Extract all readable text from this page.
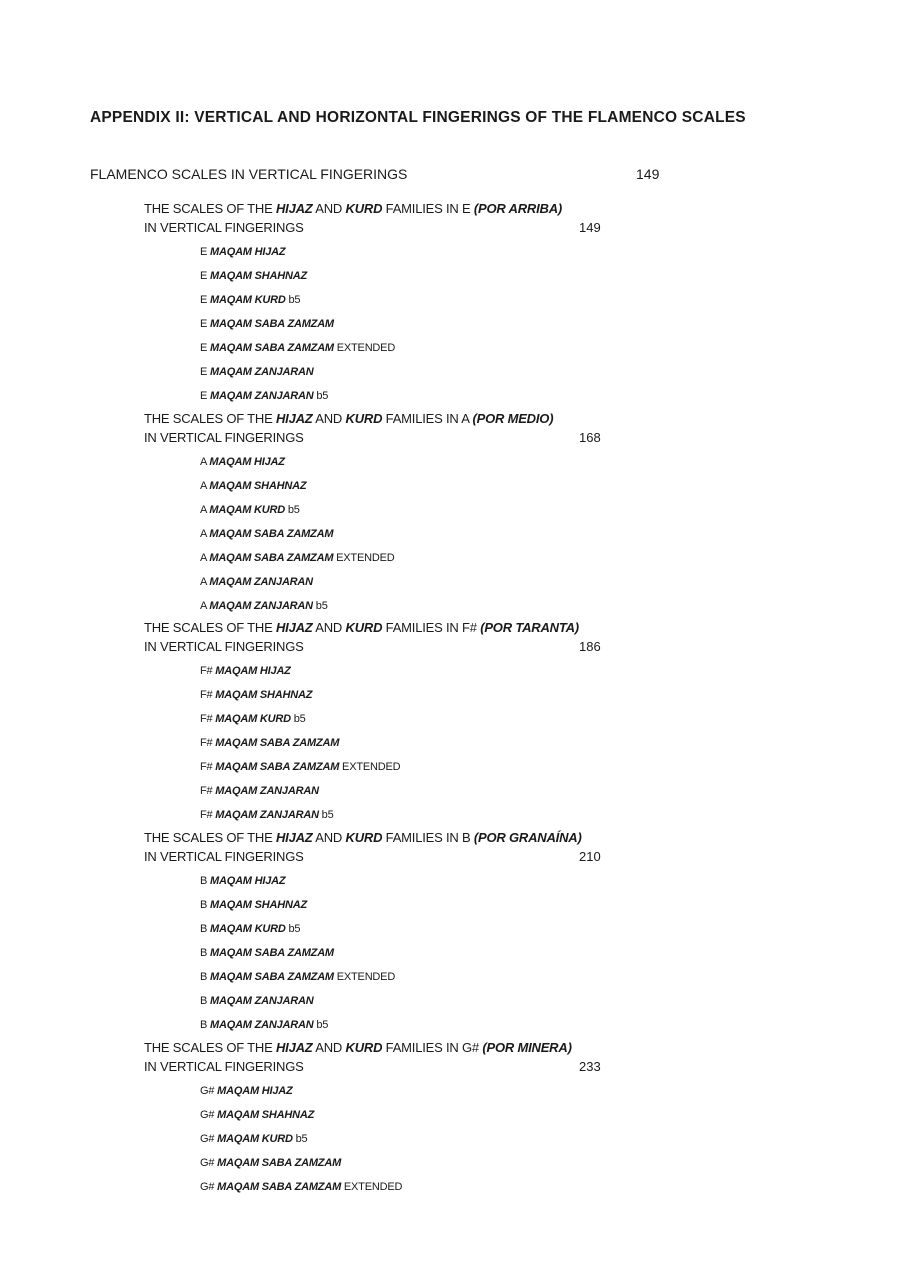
APPENDIX II: VERTICAL AND HORIZONTAL FINGERINGS OF THE FLAMENCO SCALES
FLAMENCO SCALES IN VERTICAL FINGERINGS	149
THE SCALES OF THE HIJAZ AND KURD FAMILIES IN E (POR ARRIBA)
IN VERTICAL FINGERINGS	149
E MAQAM HIJAZ
E MAQAM SHAHNAZ
E MAQAM KURD b5
E MAQAM SABA ZAMZAM
E MAQAM SABA ZAMZAM EXTENDED
E MAQAM ZANJARAN
E MAQAM ZANJARAN b5
THE SCALES OF THE HIJAZ AND KURD FAMILIES IN A (POR MEDIO)
IN VERTICAL FINGERINGS	168
A MAQAM HIJAZ
A MAQAM SHAHNAZ
A MAQAM KURD b5
A MAQAM SABA ZAMZAM
A MAQAM SABA ZAMZAM EXTENDED
A MAQAM ZANJARAN
A MAQAM ZANJARAN b5
THE SCALES OF THE HIJAZ AND KURD FAMILIES IN F# (POR TARANTA)
IN VERTICAL FINGERINGS	186
F# MAQAM HIJAZ
F# MAQAM SHAHNAZ
F# MAQAM KURD b5
F# MAQAM SABA ZAMZAM
F# MAQAM SABA ZAMZAM EXTENDED
F# MAQAM ZANJARAN
F# MAQAM ZANJARAN b5
THE SCALES OF THE HIJAZ AND KURD FAMILIES IN B (POR GRANAÍNA)
IN VERTICAL FINGERINGS	210
B MAQAM HIJAZ
B MAQAM SHAHNAZ
B MAQAM KURD b5
B MAQAM SABA ZAMZAM
B MAQAM SABA ZAMZAM EXTENDED
B MAQAM ZANJARAN
B MAQAM ZANJARAN b5
THE SCALES OF THE HIJAZ AND KURD FAMILIES IN G# (POR MINERA)
IN VERTICAL FINGERINGS	233
G# MAQAM HIJAZ
G# MAQAM SHAHNAZ
G# MAQAM KURD b5
G# MAQAM SABA ZAMZAM
G# MAQAM SABA ZAMZAM EXTENDED
